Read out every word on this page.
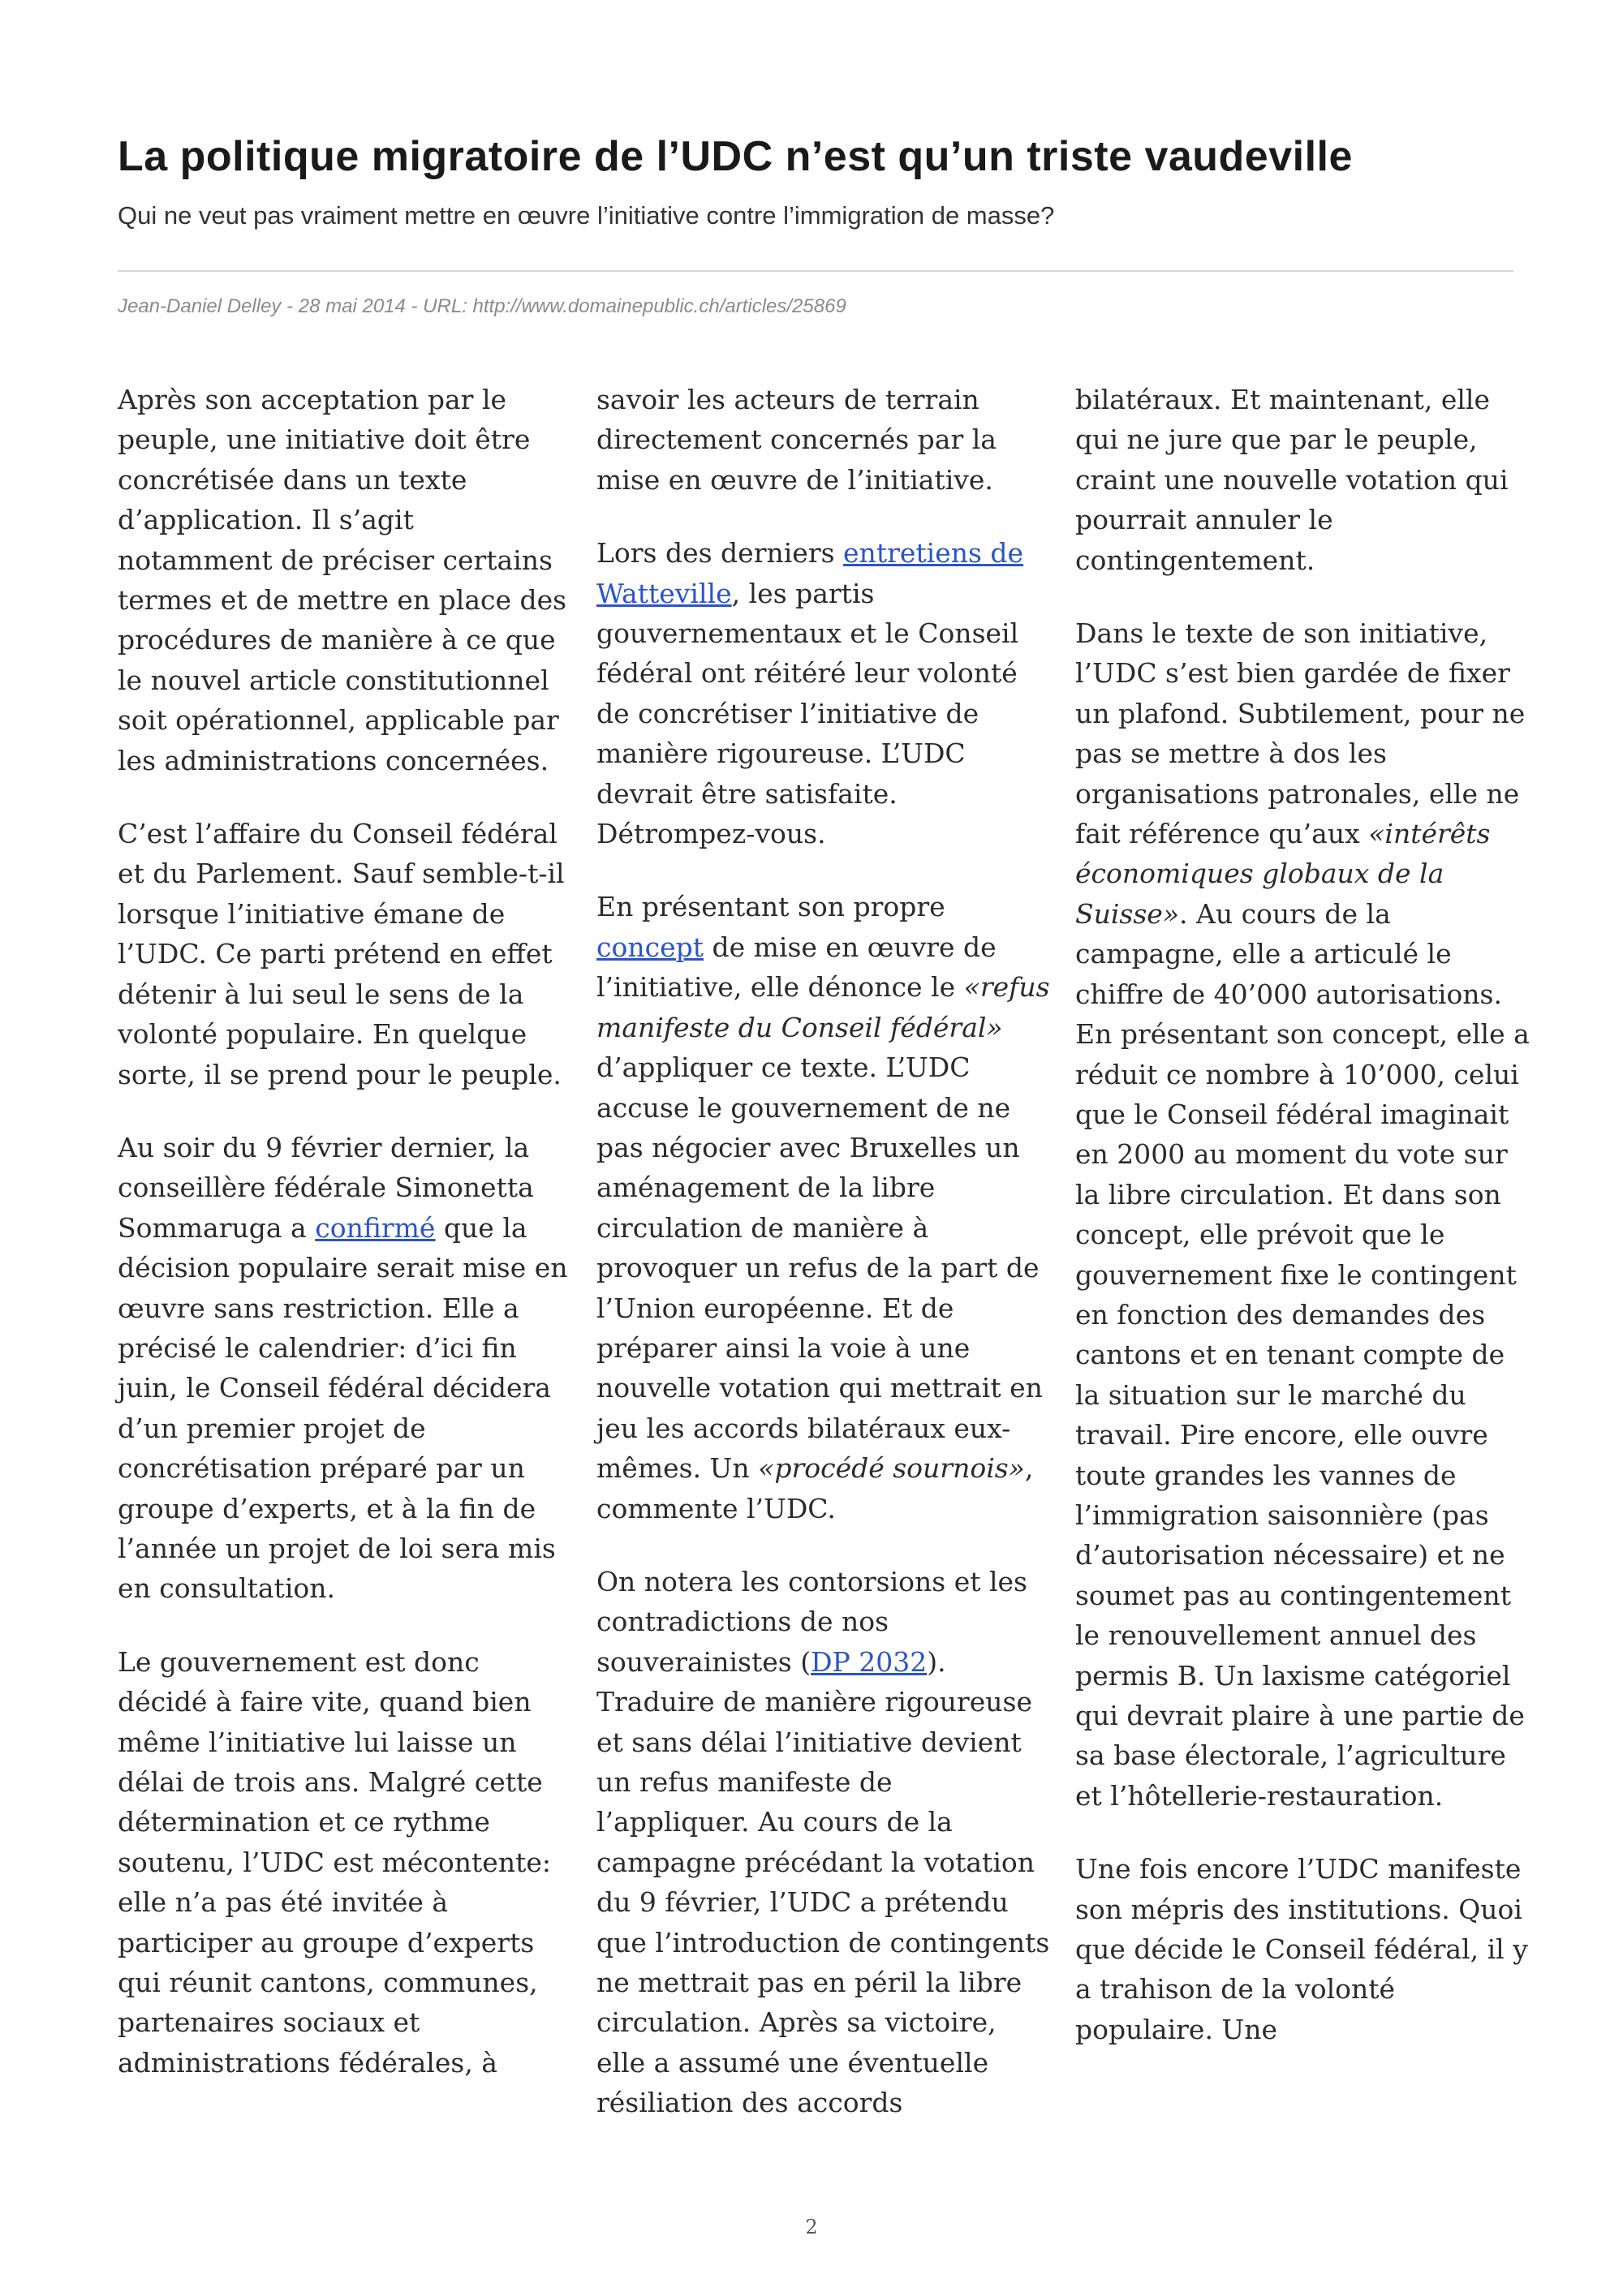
La politique migratoire de l’UDC n’est qu’un triste vaudeville

Qui ne veut pas vraiment mettre en œuvre l’initiative contre l’immigration de masse?

Jean-Daniel Delley - 28 mai 2014 - URL: http://www.domainepublic.ch/articles/25869

Après son acceptation par le peuple, une initiative doit être concrétisée dans un texte d’application. Il s’agit notamment de préciser certains termes et de mettre en place des procédures de manière à ce que le nouvel article constitutionnel soit opérationnel, applicable par les administrations concernées.

C’est l’affaire du Conseil fédéral et du Parlement. Sauf semble-t-il lorsque l’initiative émane de l’UDC. Ce parti prétend en effet détenir à lui seul le sens de la volonté populaire. En quelque sorte, il se prend pour le peuple.

Au soir du 9 février dernier, la conseillère fédérale Simonetta Sommaruga a confirmé que la décision populaire serait mise en œuvre sans restriction. Elle a précisé le calendrier: d’ici fin juin, le Conseil fédéral décidera d’un premier projet de concrétisation préparé par un groupe d’experts, et à la fin de l’année un projet de loi sera mis en consultation.

Le gouvernement est donc décidé à faire vite, quand bien même l’initiative lui laisse un délai de trois ans. Malgré cette détermination et ce rythme soutenu, l’UDC est mécontente: elle n’a pas été invitée à participer au groupe d’experts qui réunit cantons, communes, partenaires sociaux et administrations fédérales, à

savoir les acteurs de terrain directement concernés par la mise en œuvre de l’initiative.

Lors des derniers entretiens de Watteville, les partis gouvernementaux et le Conseil fédéral ont réitéré leur volonté de concrétiser l’initiative de manière rigoureuse. L’UDC devrait être satisfaite. Détrompez-vous.

En présentant son propre concept de mise en œuvre de l’initiative, elle dénonce le «refus manifeste du Conseil fédéral» d’appliquer ce texte. L’UDC accuse le gouvernement de ne pas négocier avec Bruxelles un aménagement de la libre circulation de manière à provoquer un refus de la part de l’Union européenne. Et de préparer ainsi la voie à une nouvelle votation qui mettrait en jeu les accords bilatéraux eux-mêmes. Un «procédé sournois», commente l’UDC.

On notera les contorsions et les contradictions de nos souverainistes (DP 2032). Traduire de manière rigoureuse et sans délai l’initiative devient un refus manifeste de l’appliquer. Au cours de la campagne précédant la votation du 9 février, l’UDC a prétendu que l’introduction de contingents ne mettrait pas en péril la libre circulation. Après sa victoire, elle a assumé une éventuelle résiliation des accords

bilatéraux. Et maintenant, elle qui ne jure que par le peuple, craint une nouvelle votation qui pourrait annuler le contingentement.

Dans le texte de son initiative, l’UDC s’est bien gardée de fixer un plafond. Subtilement, pour ne pas se mettre à dos les organisations patronales, elle ne fait référence qu’aux «intérêts économiques globaux de la Suisse». Au cours de la campagne, elle a articulé le chiffre de 40’000 autorisations. En présentant son concept, elle a réduit ce nombre à 10’000, celui que le Conseil fédéral imaginait en 2000 au moment du vote sur la libre circulation. Et dans son concept, elle prévoit que le gouvernement fixe le contingent en fonction des demandes des cantons et en tenant compte de la situation sur le marché du travail. Pire encore, elle ouvre toute grandes les vannes de l’immigration saisonnière (pas d’autorisation nécessaire) et ne soumet pas au contingentement le renouvellement annuel des permis B. Un laxisme catégoriel qui devrait plaire à une partie de sa base électorale, l’agriculture et l’hôtellerie-restauration.

Une fois encore l’UDC manifeste son mépris des institutions. Quoi que décide le Conseil fédéral, il y a trahison de la volonté populaire. Une

2
